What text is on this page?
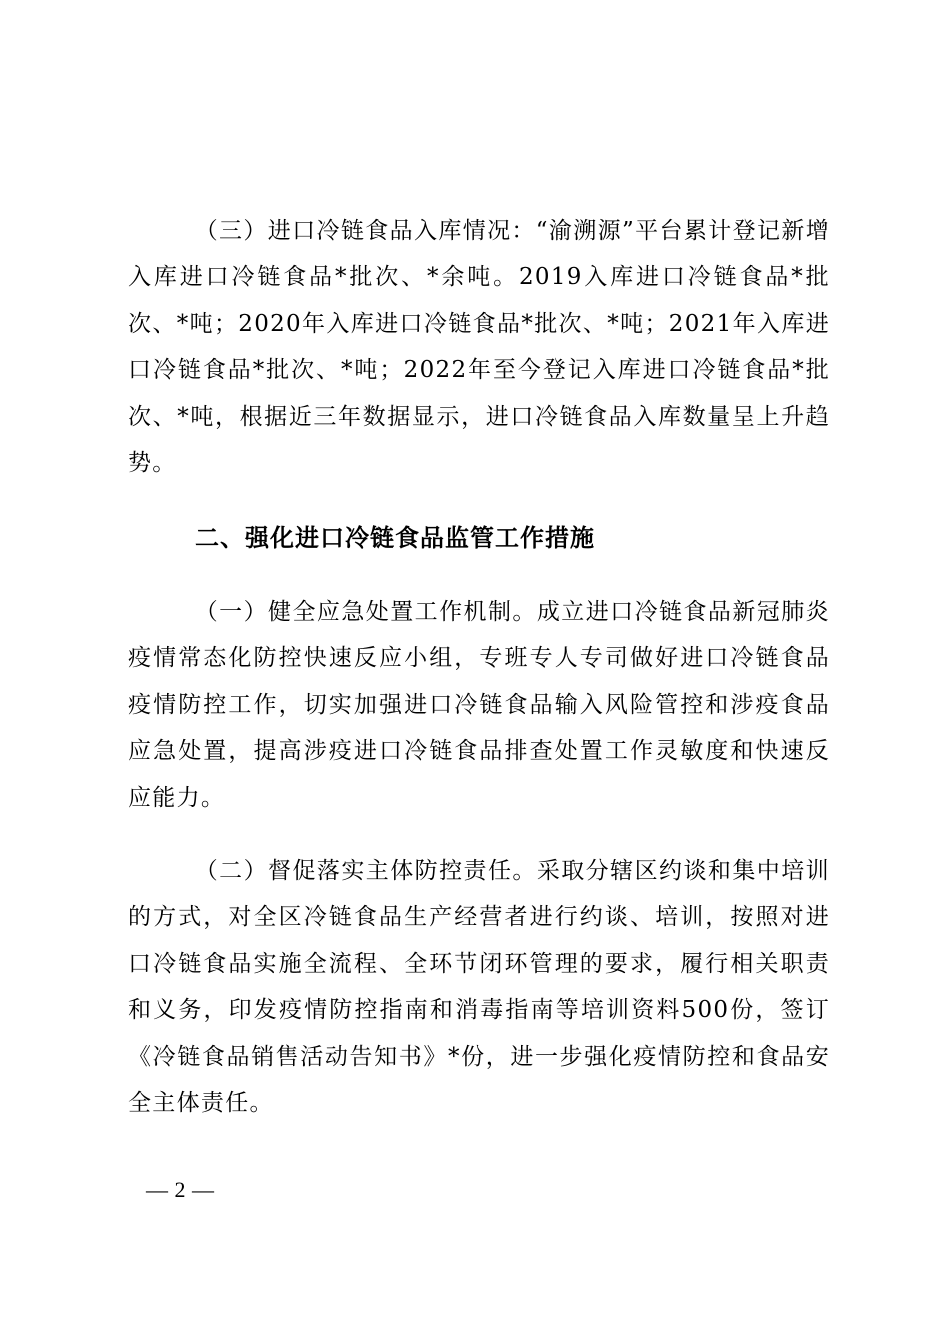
（三）进口冷链食品入库情况：“渝溯源”平台累计登记新增入库进口冷链食品*批次、*余吨。2019入库进口冷链食品*批次、*吨；2020年入库进口冷链食品*批次、*吨；2021年入库进口冷链食品*批次、*吨；2022年至今登记入库进口冷链食品*批次、*吨，根据近三年数据显示，进口冷链食品入库数量呈上升趋势。

二、强化进口冷链食品监管工作措施

（一）健全应急处置工作机制。成立进口冷链食品新冠肺炎疫情常态化防控快速反应小组，专班专人专司做好进口冷链食品疫情防控工作，切实加强进口冷链食品输入风险管控和涉疫食品应急处置，提高涉疫进口冷链食品排查处置工作灵敏度和快速反应能力。

（二）督促落实主体防控责任。采取分辖区约谈和集中培训的方式，对全区冷链食品生产经营者进行约谈、培训，按照对进口冷链食品实施全流程、全环节闭环管理的要求，履行相关职责和义务，印发疫情防控指南和消毒指南等培训资料500份，签订《冷链食品销售活动告知书》*份，进一步强化疫情防控和食品安全主体责任。

— 2 —
